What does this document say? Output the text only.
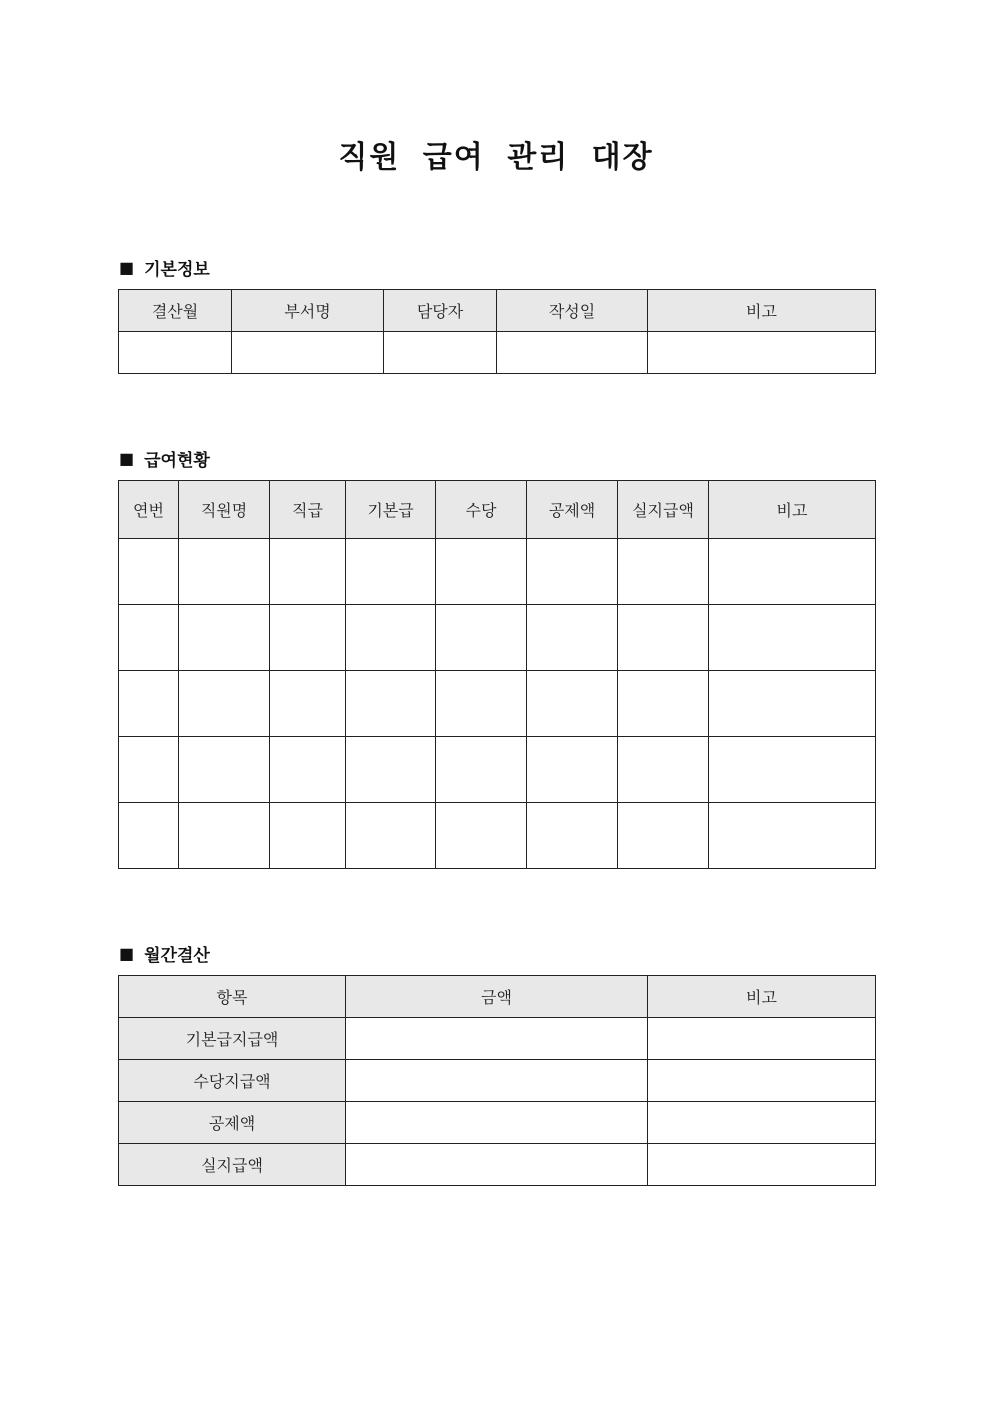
직원 급여 관리 대장
■ 기본정보
결산월	부서명	담당자	작성일	비고

■ 급여현황
연번	직원명	직급	기본급	수당	공제액	실지급액	비고

■ 월간결산
항목	금액	비고
기본급지급액		
수당지급액		
공제액		
실지급액		
